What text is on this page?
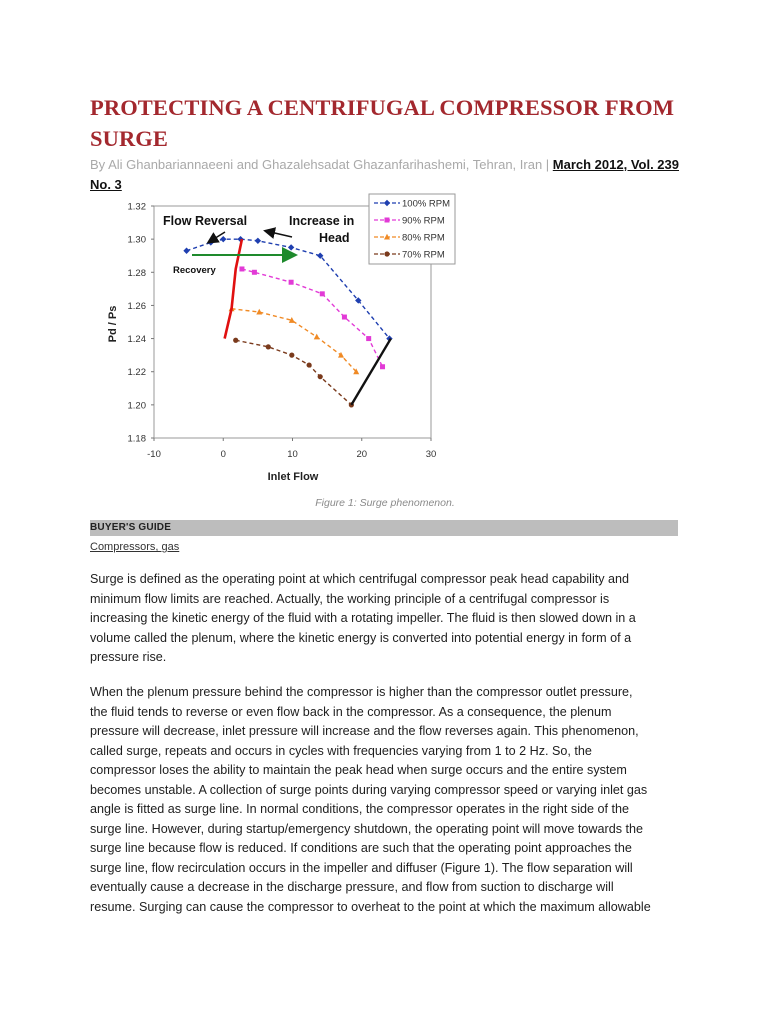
PROTECTING A CENTRIFUGAL COMPRESSOR FROM SURGE
By Ali Ghanbariannaeeni and Ghazalehsadat Ghazanfarihashemi, Tehran, Iran | March 2012, Vol. 239 No. 3
1.18
1.20
1.22
1.24
1.26
1.28
1.30
1.32
-10	0	10	20	30
Pd / Ps
Inlet Flow
Flow Reversal	Increase in
Head
Recovery
100% RPM
90% RPM
80% RPM
70% RPM
Figure 1: Surge phenomenon.
BUYER'S GUIDE
Compressors, gas

Surge is defined as the operating point at which centrifugal compressor peak head capability and
minimum flow limits are reached. Actually, the working principle of a centrifugal compressor is
increasing the kinetic energy of the fluid with a rotating impeller. The fluid is then slowed down in a
volume called the plenum, where the kinetic energy is converted into potential energy in form of a
pressure rise.

When the plenum pressure behind the compressor is higher than the compressor outlet pressure,
the fluid tends to reverse or even flow back in the compressor. As a consequence, the plenum
pressure will decrease, inlet pressure will increase and the flow reverses again. This phenomenon,
called surge, repeats and occurs in cycles with frequencies varying from 1 to 2 Hz. So, the
compressor loses the ability to maintain the peak head when surge occurs and the entire system
becomes unstable. A collection of surge points during varying compressor speed or varying inlet gas
angle is fitted as surge line. In normal conditions, the compressor operates in the right side of the
surge line. However, during startup/emergency shutdown, the operating point will move towards the
surge line because flow is reduced. If conditions are such that the operating point approaches the
surge line, flow recirculation occurs in the impeller and diffuser (Figure 1). The flow separation will
eventually cause a decrease in the discharge pressure, and flow from suction to discharge will
resume. Surging can cause the compressor to overheat to the point at which the maximum allowable
